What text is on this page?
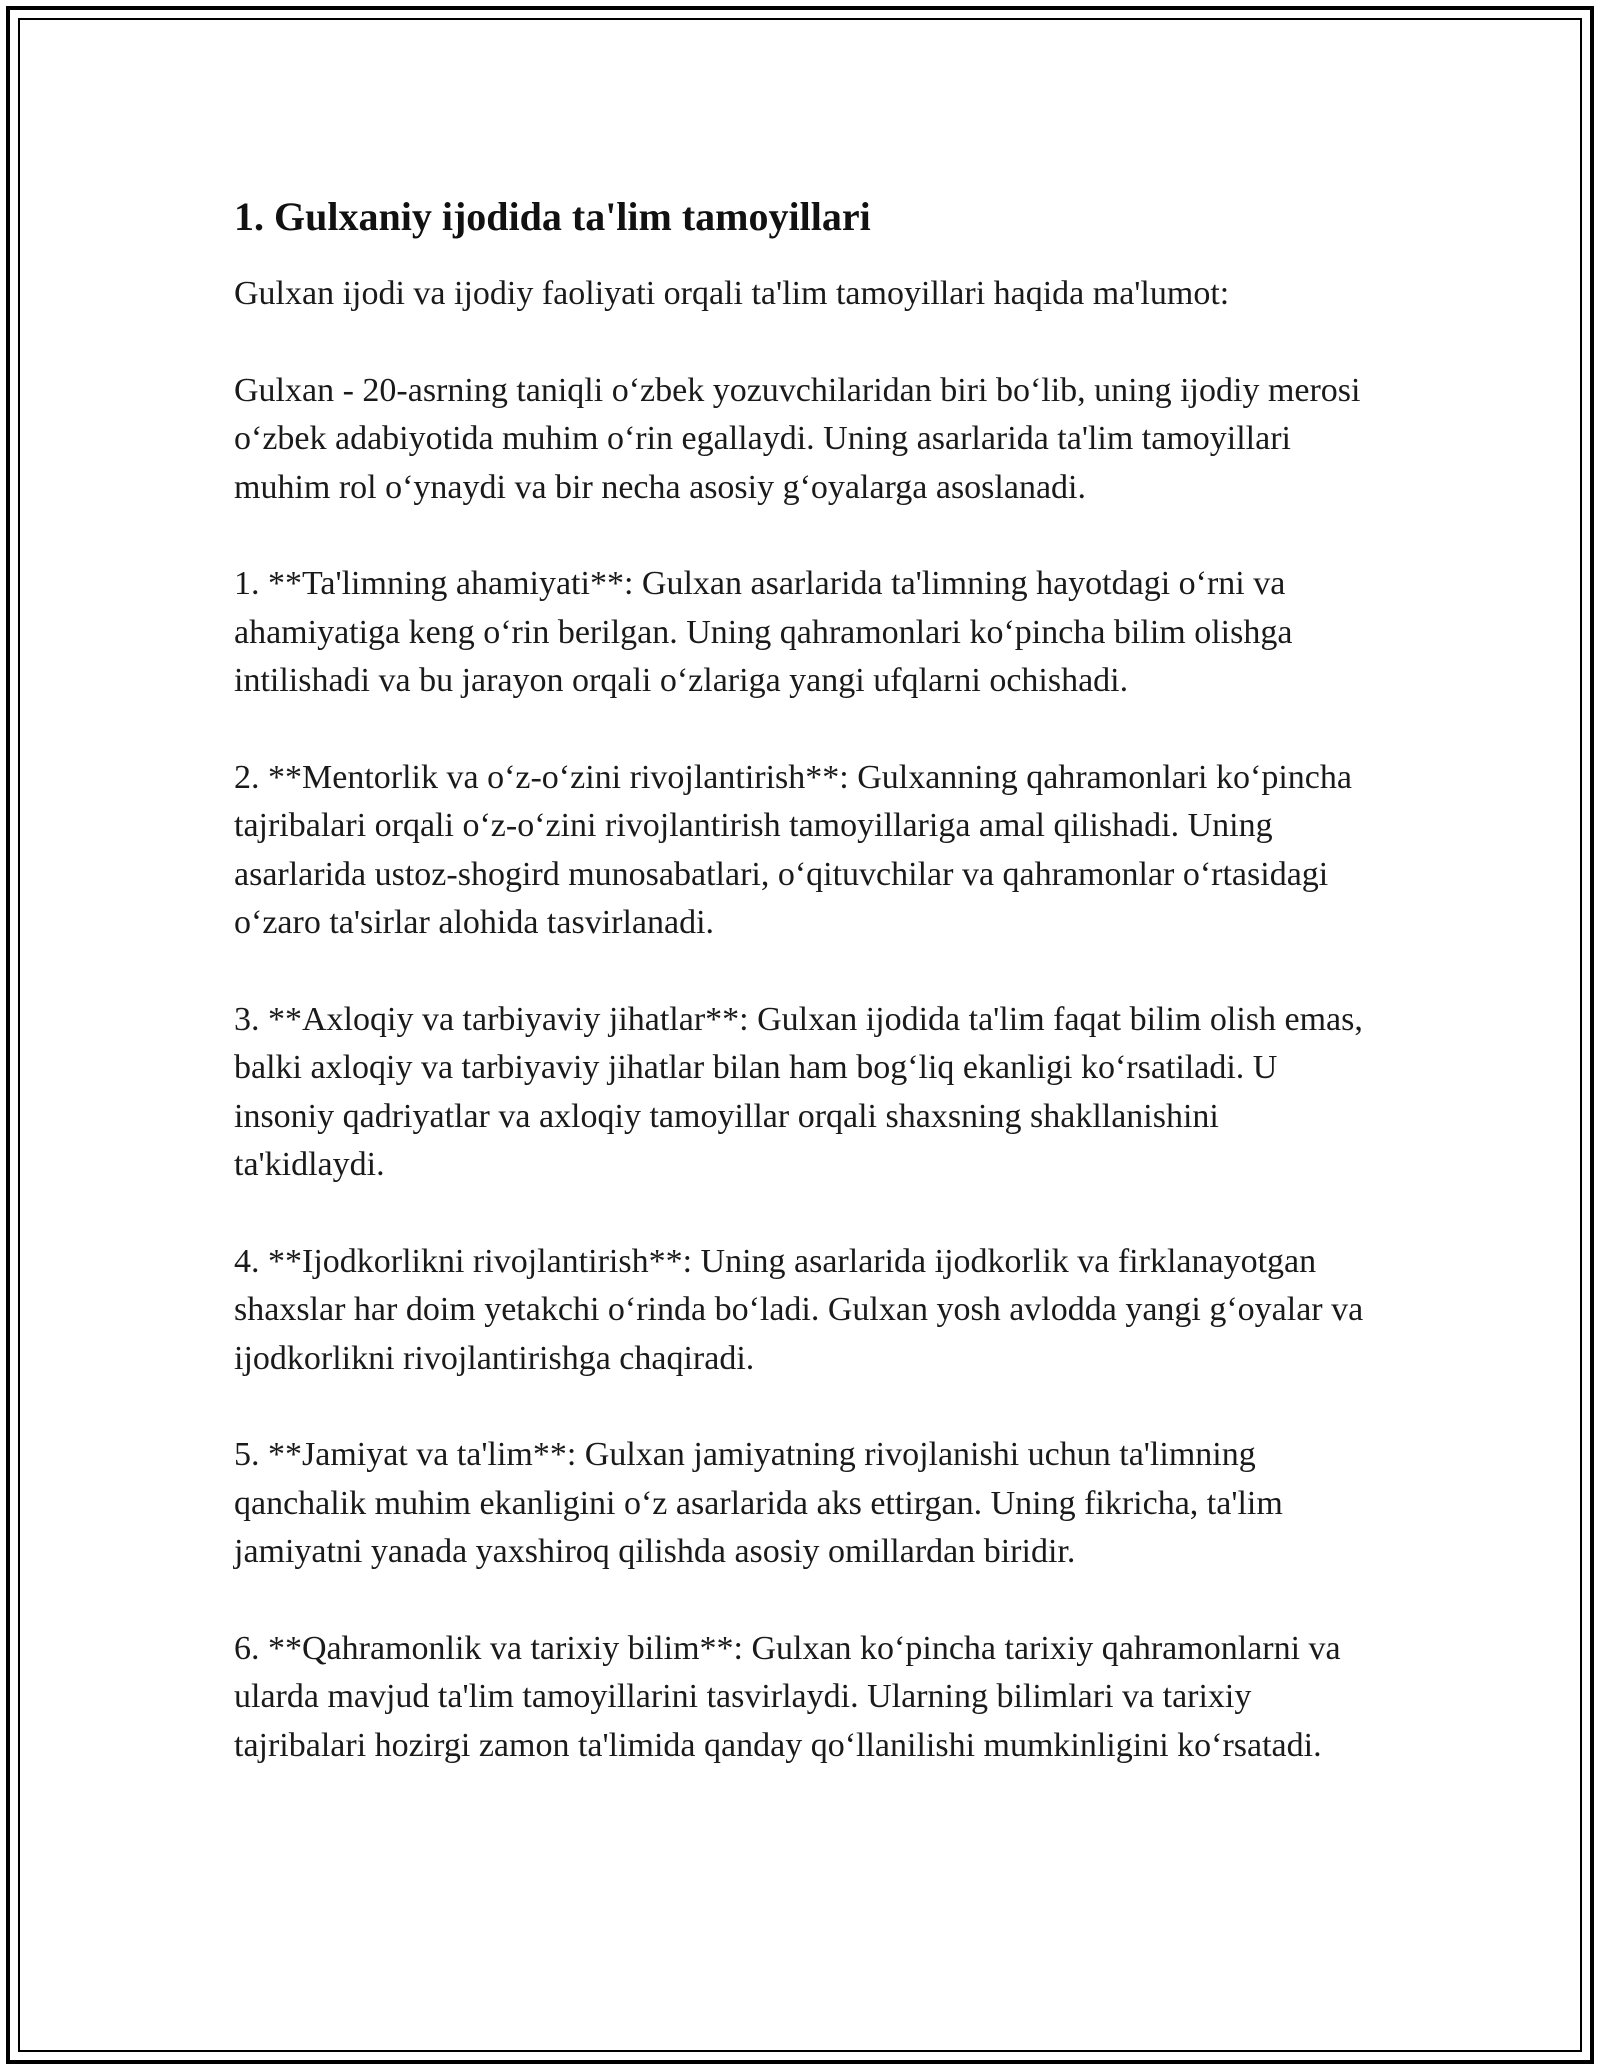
1. Gulxaniy ijodida ta'lim tamoyillari

Gulxan ijodi va ijodiy faoliyati orqali ta'lim tamoyillari haqida ma'lumot:

Gulxan - 20-asrning taniqli o‘zbek yozuvchilaridan biri bo‘lib, uning ijodiy merosi o‘zbek adabiyotida muhim o‘rin egallaydi. Uning asarlarida ta'lim tamoyillari muhim rol o‘ynaydi va bir necha asosiy g‘oyalarga asoslanadi.

1. **Ta'limning ahamiyati**: Gulxan asarlarida ta'limning hayotdagi o‘rni va ahamiyatiga keng o‘rin berilgan. Uning qahramonlari ko‘pincha bilim olishga intilishadi va bu jarayon orqali o‘zlariga yangi ufqlarni ochishadi.

2. **Mentorlik va o‘z-o‘zini rivojlantirish**: Gulxanning qahramonlari ko‘pincha tajribalari orqali o‘z-o‘zini rivojlantirish tamoyillariga amal qilishadi. Uning asarlarida ustoz-shogird munosabatlari, o‘qituvchilar va qahramonlar o‘rtasidagi o‘zaro ta'sirlar alohida tasvirlanadi.

3. **Axloqiy va tarbiyaviy jihatlar**: Gulxan ijodida ta'lim faqat bilim olish emas, balki axloqiy va tarbiyaviy jihatlar bilan ham bog‘liq ekanligi ko‘rsatiladi. U insoniy qadriyatlar va axloqiy tamoyillar orqali shaxsning shakllanishini ta'kidlaydi.

4. **Ijodkorlikni rivojlantirish**: Uning asarlarida ijodkorlik va firklanayotgan shaxslar har doim yetakchi o‘rinda bo‘ladi. Gulxan yosh avlodda yangi g‘oyalar va ijodkorlikni rivojlantirishga chaqiradi.

5. **Jamiyat va ta'lim**: Gulxan jamiyatning rivojlanishi uchun ta'limning qanchalik muhim ekanligini o‘z asarlarida aks ettirgan. Uning fikricha, ta'lim jamiyatni yanada yaxshiroq qilishda asosiy omillardan biridir.

6. **Qahramonlik va tarixiy bilim**: Gulxan ko‘pincha tarixiy qahramonlarni va ularda mavjud ta'lim tamoyillarini tasvirlaydi. Ularning bilimlari va tarixiy tajribalari hozirgi zamon ta'limida qanday qo‘llanilishi mumkinligini ko‘rsatadi.
